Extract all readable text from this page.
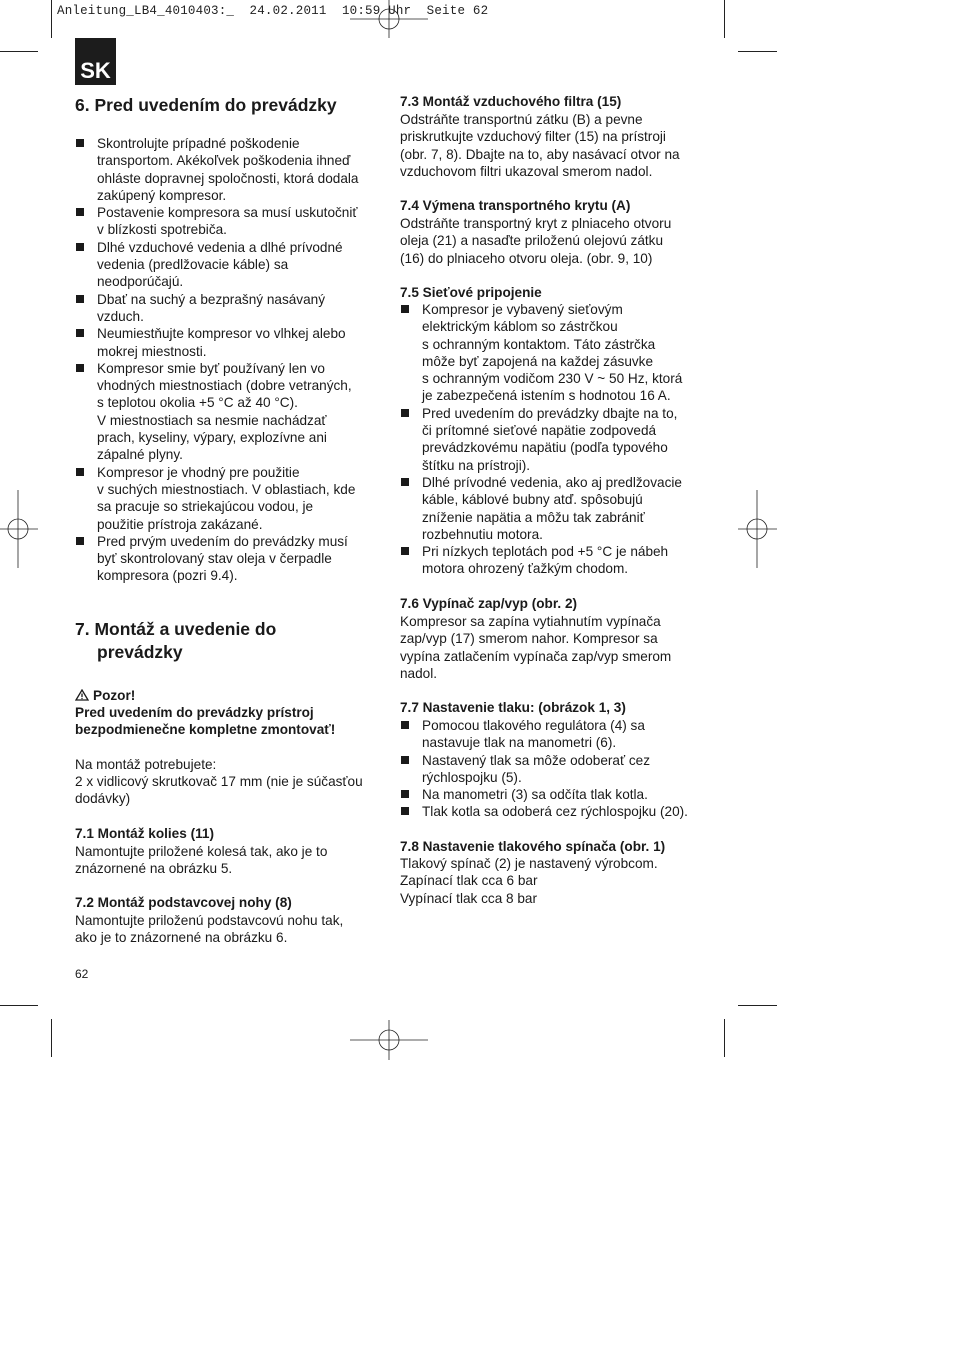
Anleitung_LB4_4010403:_  24.02.2011  10:59 Uhr  Seite 62
SK
6. Pred uvedením do prevádzky
Skontrolujte prípadné poškodenie
transportom. Akékoľvek poškodenia ihneď
ohláste dopravnej spoločnosti, ktorá dodala
zakúpený kompresor.
Postavenie kompresora sa musí uskutočniť
v blízkosti spotrebiča.
Dlhé vzduchové vedenia a dlhé prívodné
vedenia (predlžovacie káble) sa
neodporúčajú.
Dbať na suchý a bezprašný nasávaný
vzduch.
Neumiestňujte kompresor vo vlhkej alebo
mokrej miestnosti.
Kompresor smie byť používaný len vo
vhodných miestnostiach (dobre vetraných,
s teplotou okolia +5 °C až 40 °C).
V miestnostiach sa nesmie nachádzať
prach, kyseliny, výpary, explozívne ani
zápalné plyny.
Kompresor je vhodný pre použitie
v suchých miestnostiach. V oblastiach, kde
sa pracuje so striekajúcou vodou, je
použitie prístroja zakázané.
Pred prvým uvedením do prevádzky musí
byť skontrolovaný stav oleja v čerpadle
kompresora (pozri 9.4).
7. Montáž a uvedenie do
prevádzky
Pozor!
Pred uvedením do prevádzky prístroj
bezpodmienečne kompletne zmontovať!

Na montáž potrebujete:

2 x vidlicový skrutkovač 17 mm (nie je súčasťou
dodávky)
7.1 Montáž kolies (11)
Namontujte priložené kolesá tak, ako je to
znázornené na obrázku 5.
7.2 Montáž podstavcovej nohy (8)
Namontujte priloženú podstavcovú nohu tak,
ako je to znázornené na obrázku 6.
7.3 Montáž vzduchového filtra (15)
Odstráňte transportnú zátku (B) a pevne
priskrutkujte vzduchový filter (15) na prístroji
(obr. 7, 8). Dbajte na to, aby nasávací otvor na
vzduchovom filtri ukazoval smerom nadol.
7.4 Výmena transportného krytu (A)
Odstráňte transportný kryt z plniaceho otvoru
oleja (21) a nasaďte priloženú olejovú zátku
(16) do plniaceho otvoru oleja. (obr. 9, 10)
7.5 Sieťové pripojenie
Kompresor je vybavený sieťovým
elektrickým káblom so zástrčkou
s ochranným kontaktom. Táto zástrčka
môže byť zapojená na každej zásuvke
s ochranným vodičom 230 V ~ 50 Hz, ktorá
je zabezpečená istením s hodnotou 16 A.
Pred uvedením do prevádzky dbajte na to,
či prítomné sieťové napätie zodpovedá
prevádzkovému napätiu (podľa typového
štítku na prístroji).
Dlhé prívodné vedenia, ako aj predlžovacie
káble, káblové bubny atď. spôsobujú
zníženie napätia a môžu tak zabrániť
rozbehnutiu motora.
Pri nízkych teplotách pod +5 °C je nábeh
motora ohrozený ťažkým chodom.
7.6 Vypínač zap/vyp (obr. 2)
Kompresor sa zapína vytiahnutím vypínača
zap/vyp (17) smerom nahor. Kompresor sa
vypína zatlačením vypínača zap/vyp smerom
nadol.
7.7 Nastavenie tlaku: (obrázok 1, 3)
Pomocou tlakového regulátora (4) sa
nastavuje tlak na manometri (6).
Nastavený tlak sa môže odoberať cez
rýchlospojku (5).
Na manometri (3) sa odčíta tlak kotla.
Tlak kotla sa odoberá cez rýchlospojku (20).
7.8 Nastavenie tlakového spínača (obr. 1)
Tlakový spínač (2) je nastavený výrobcom.
Zapínací tlak cca 6 bar
Vypínací tlak cca 8 bar
62
